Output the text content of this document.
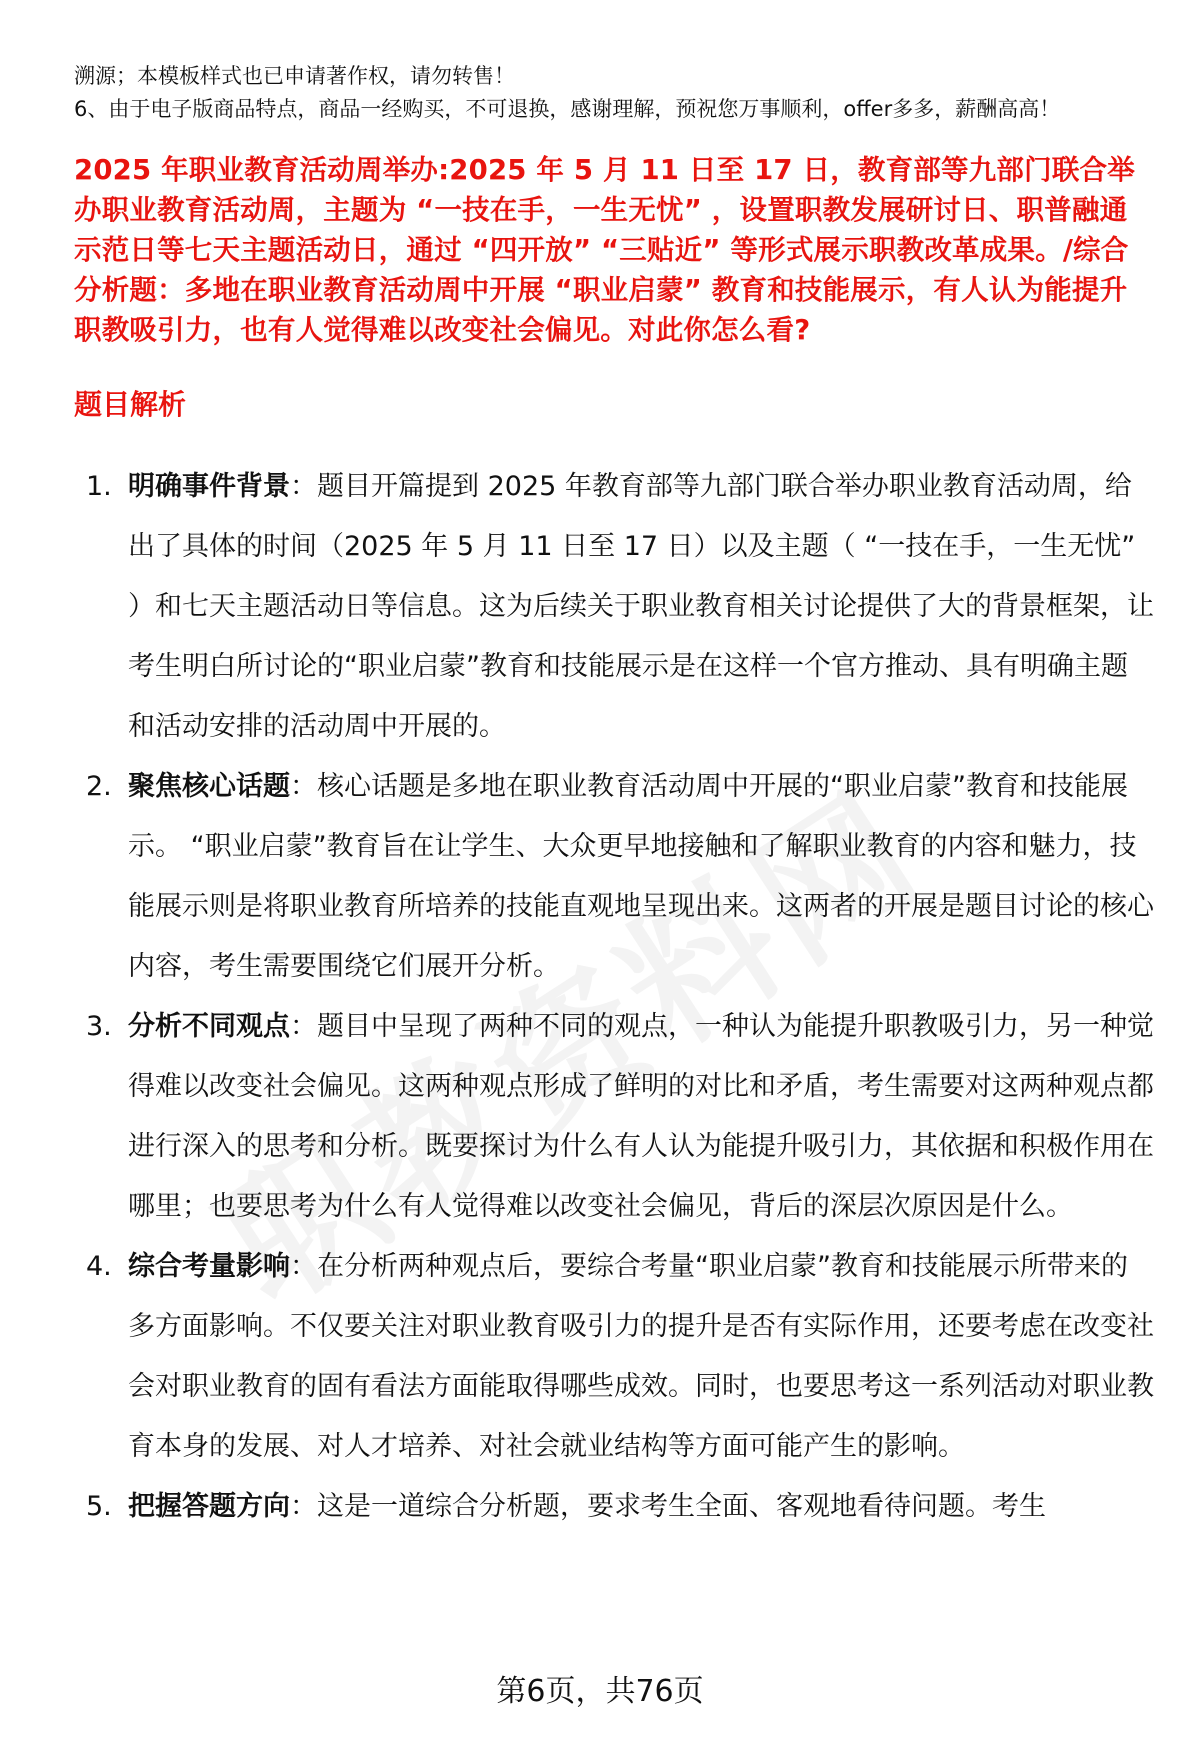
溯源；本模板样式也已申请著作权，请勿转售！

6、由于电子版商品特点，商品一经购买，不可退换，感谢理解，预祝您万事顺利，offer多多，薪酬高高！

2025 年职业教育活动周举办:2025 年 5 月 11 日至 17 日，教育部等九部门联合举办职业教育活动周，主题为 “一技在手，一生无忧” ，设置职教发展研讨日、职普融通示范日等七天主题活动日，通过 “四开放” “三贴近” 等形式展示职教改革成果。/综合分析题：多地在职业教育活动周中开展 “职业启蒙” 教育和技能展示，有人认为能提升职教吸引力，也有人觉得难以改变社会偏见。对此你怎么看?

题目解析
1. 明确事件背景：题目开篇提到 2025 年教育部等九部门联合举办职业教育活动周，给出了具体的时间（2025 年 5 月 11 日至 17 日）以及主题（ “一技在手，一生无忧” ）和七天主题活动日等信息。这为后续关于职业教育相关讨论提供了大的背景框架，让考生明白所讨论的“职业启蒙”教育和技能展示是在这样一个官方推动、具有明确主题和活动安排的活动周中开展的。
2. 聚焦核心话题：核心话题是多地在职业教育活动周中开展的“职业启蒙”教育和技能展示。 “职业启蒙”教育旨在让学生、大众更早地接触和了解职业教育的内容和魅力，技能展示则是将职业教育所培养的技能直观地呈现出来。这两者的开展是题目讨论的核心内容，考生需要围绕它们展开分析。
3. 分析不同观点：题目中呈现了两种不同的观点，一种认为能提升职教吸引力，另一种觉得难以改变社会偏见。这两种观点形成了鲜明的对比和矛盾，考生需要对这两种观点都进行深入的思考和分析。既要探讨为什么有人认为能提升吸引力，其依据和积极作用在哪里；也要思考为什么有人觉得难以改变社会偏见，背后的深层次原因是什么。
4. 综合考量影响：在分析两种观点后，要综合考量“职业启蒙”教育和技能展示所带来的多方面影响。不仅要关注对职业教育吸引力的提升是否有实际作用，还要考虑在改变社会对职业教育的固有看法方面能取得哪些成效。同时，也要思考这一系列活动对职业教育本身的发展、对人才培养、对社会就业结构等方面可能产生的影响。
5. 把握答题方向：这是一道综合分析题，要求考生全面、客观地看待问题。考生
第6页，共76页
